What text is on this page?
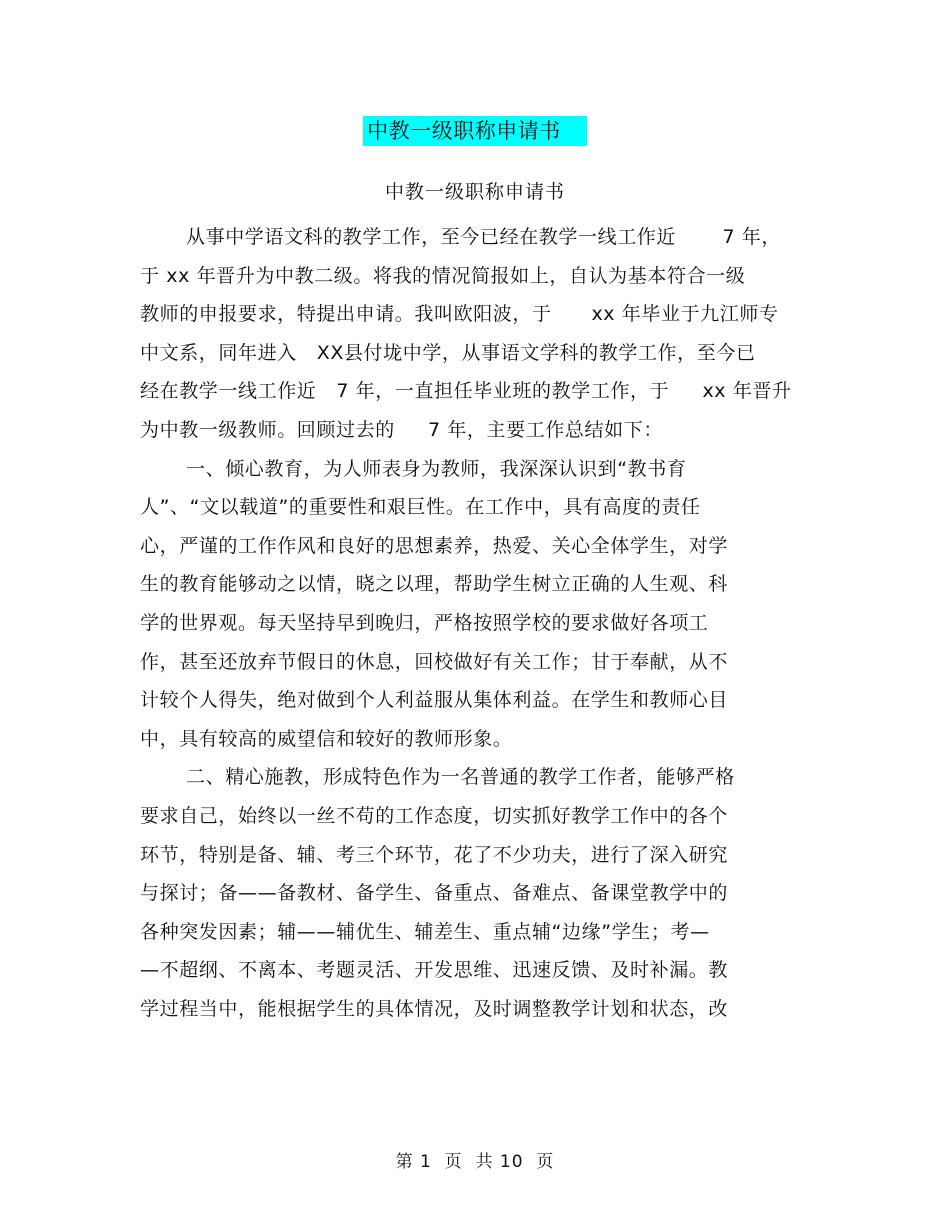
中教一级职称申请书
中教一级职称申请书
从事中学语文科的教学工作，至今已经在教学一线工作近       7 年，
于 xx 年晋升为中教二级。将我的情况简报如上，自认为基本符合一级
教师的申报要求，特提出申请。我叫欧阳波，于      xx 年毕业于九江师专
中文系，同年进入   XX县付垅中学，从事语文学科的教学工作，至今已
经在教学一线工作近   7 年，一直担任毕业班的教学工作，于     xx 年晋升
为中教一级教师。回顾过去的     7 年，主要工作总结如下：
一、倾心教育，为人师表身为教师，我深深认识到“教书育
人”、“文以载道”的重要性和艰巨性。在工作中，具有高度的责任
心，严谨的工作作风和良好的思想素养，热爱、关心全体学生，对学
生的教育能够动之以情，晓之以理，帮助学生树立正确的人生观、科
学的世界观。每天坚持早到晚归，严格按照学校的要求做好各项工
作，甚至还放弃节假日的休息，回校做好有关工作；甘于奉献，从不
计较个人得失，绝对做到个人利益服从集体利益。在学生和教师心目
中，具有较高的威望信和较好的教师形象。
二、精心施教，形成特色作为一名普通的教学工作者，能够严格
要求自己，始终以一丝不苟的工作态度，切实抓好教学工作中的各个
环节，特别是备、辅、考三个环节，花了不少功夫，进行了深入研究
与探讨；备——备教材、备学生、备重点、备难点、备课堂教学中的
各种突发因素；辅——辅优生、辅差生、重点辅“边缘”学生；考—
—不超纲、不离本、考题灵活、开发思维、迅速反馈、及时补漏。教
学过程当中，能根据学生的具体情况，及时调整教学计划和状态，改
第 1  页  共 10  页
